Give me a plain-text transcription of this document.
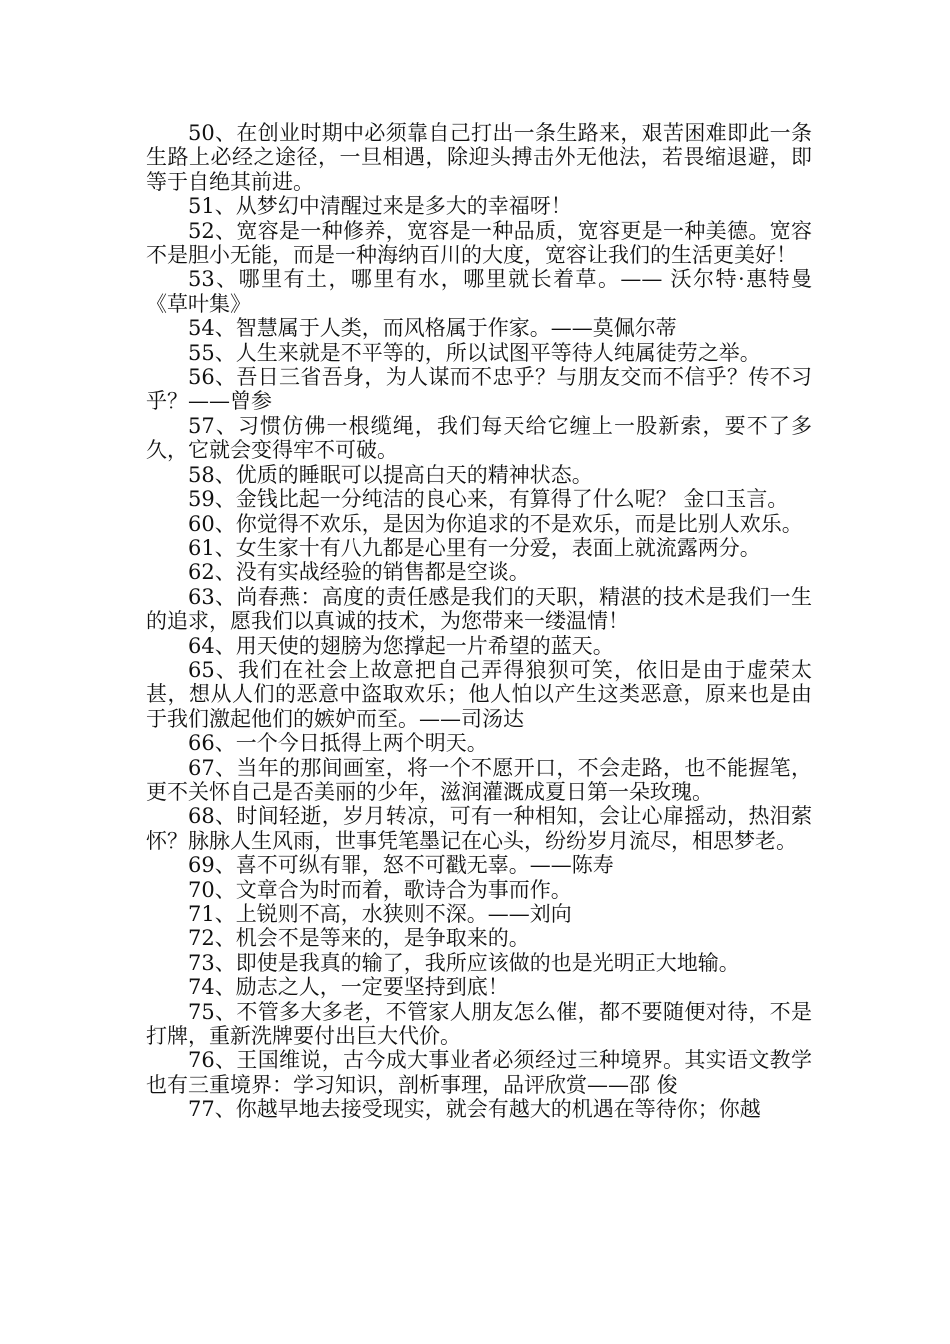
50、在创业时期中必须靠自己打出一条生路来，艰苦困难即此一条生路上必经之途径，一旦相遇，除迎头搏击外无他法，若畏缩退避，即等于自绝其前进。

51、从梦幻中清醒过来是多大的幸福呀！

52、宽容是一种修养，宽容是一种品质，宽容更是一种美德。宽容不是胆小无能，而是一种海纳百川的大度，宽容让我们的生活更美好！

53、哪里有土，哪里有水，哪里就长着草。—— 沃尔特·惠特曼 《草叶集》

54、智慧属于人类，而风格属于作家。——莫佩尔蒂

55、人生来就是不平等的，所以试图平等待人纯属徒劳之举。

56、吾日三省吾身，为人谋而不忠乎？与朋友交而不信乎？传不习乎？——曾参

57、习惯仿佛一根缆绳，我们每天给它缠上一股新索，要不了多久，它就会变得牢不可破。

58、优质的睡眠可以提高白天的精神状态。

59、金钱比起一分纯洁的良心来，有算得了什么呢？ 金口玉言。

60、你觉得不欢乐，是因为你追求的不是欢乐，而是比别人欢乐。

61、女生家十有八九都是心里有一分爱，表面上就流露两分。

62、没有实战经验的销售都是空谈。

63、尚春燕：高度的责任感是我们的天职，精湛的技术是我们一生的追求，愿我们以真诚的技术，为您带来一缕温情！

64、用天使的翅膀为您撑起一片希望的蓝天。

65、我们在社会上故意把自己弄得狼狈可笑，依旧是由于虚荣太甚，想从人们的恶意中盗取欢乐；他人怕以产生这类恶意，原来也是由于我们激起他们的嫉妒而至。——司汤达

66、一个今日抵得上两个明天。

67、当年的那间画室，将一个不愿开口，不会走路，也不能握笔，更不关怀自己是否美丽的少年，滋润灌溉成夏日第一朵玫瑰。

68、时间轻逝，岁月转凉，可有一种相知，会让心扉摇动，热泪萦怀？脉脉人生风雨，世事凭笔墨记在心头，纷纷岁月流尽，相思梦老。

69、喜不可纵有罪，怒不可戳无辜。——陈寿

70、文章合为时而着，歌诗合为事而作。

71、上锐则不高，水狭则不深。——刘向

72、机会不是等来的，是争取来的。

73、即使是我真的输了，我所应该做的也是光明正大地输。

74、励志之人，一定要坚持到底！

75、不管多大多老，不管家人朋友怎么催，都不要随便对待，不是打牌，重新洗牌要付出巨大代价。

76、王国维说，古今成大事业者必须经过三种境界。其实语文教学也有三重境界：学习知识，剖析事理，品评欣赏——邵 俊

77、你越早地去接受现实，就会有越大的机遇在等待你；你越
